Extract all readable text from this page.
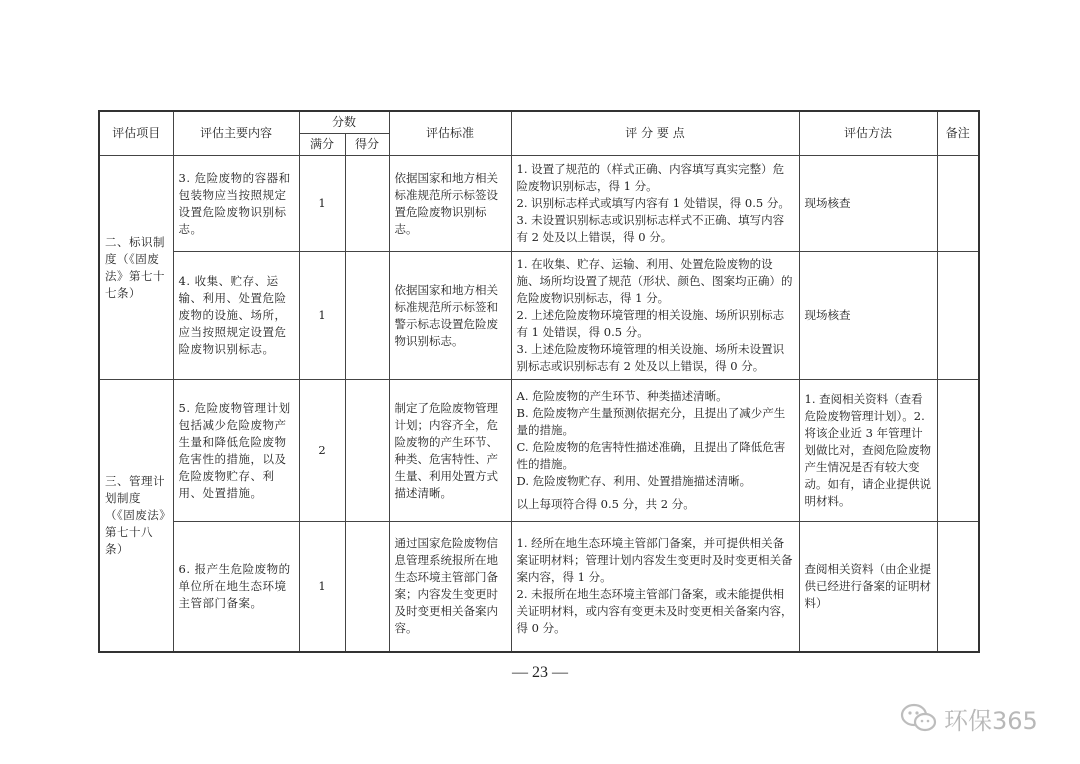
评估项目	评估主要内容	分数		评估标准	评 分 要 点	评估方法	备注
		满分	得分				
二、标识制度（《固废法》第七十七条）	3. 危险废物的容器和包装物应当按照规定设置危险废物识别标志。	1		依据国家和地方相关标准规范所示标签设置危险废物识别标志。	1. 设置了规范的（样式正确、内容填写真实完整）危险废物识别标志，得 1 分。
2. 识别标志样式或填写内容有 1 处错误，得 0.5 分。
3. 未设置识别标志或识别标志样式不正确、填写内容有 2 处及以上错误，得 0 分。	现场核查	
	4. 收集、贮存、运输、利用、处置危险废物的设施、场所，应当按照规定设置危险废物识别标志。	1		依据国家和地方相关标准规范所示标签和警示标志设置危险废物识别标志。	1. 在收集、贮存、运输、利用、处置危险废物的设施、场所均设置了规范（形状、颜色、图案均正确）的危险废物识别标志，得 1 分。
2. 上述危险废物环境管理的相关设施、场所识别标志有 1 处错误，得 0.5 分。
3. 上述危险废物环境管理的相关设施、场所未设置识别标志或识别标志有 2 处及以上错误，得 0 分。	现场核查	
三、管理计划制度（《固废法》第七十八条）	5. 危险废物管理计划包括减少危险废物产生量和降低危险废物危害性的措施，以及危险废物贮存、利用、处置措施。	2		制定了危险废物管理计划；内容齐全，危险废物的产生环节、种类、危害特性、产生量、利用处置方式描述清晰。	A. 危险废物的产生环节、种类描述清晰。
B. 危险废物产生量预测依据充分，且提出了减少产生量的措施。
C. 危险废物的危害特性描述准确，且提出了降低危害性的措施。
D. 危险废物贮存、利用、处置措施描述清晰。
以上每项符合得 0.5 分，共 2 分。	1. 查阅相关资料（查看危险废物管理计划）。2. 将该企业近 3 年管理计划做比对，查阅危险废物产生情况是否有较大变动。如有，请企业提供说明材料。	
	6. 报产生危险废物的单位所在地生态环境主管部门备案。	1		通过国家危险废物信息管理系统报所在地生态环境主管部门备案；内容发生变更时及时变更相关备案内容。	1. 经所在地生态环境主管部门备案，并可提供相关备案证明材料；管理计划内容发生变更时及时变更相关备案内容，得 1 分。
2. 未报所在地生态环境主管部门备案，或未能提供相关证明材料，或内容有变更未及时变更相关备案内容，得 0 分。	查阅相关资料（由企业提供已经进行备案的证明材料）	
— 23 —
环保365
